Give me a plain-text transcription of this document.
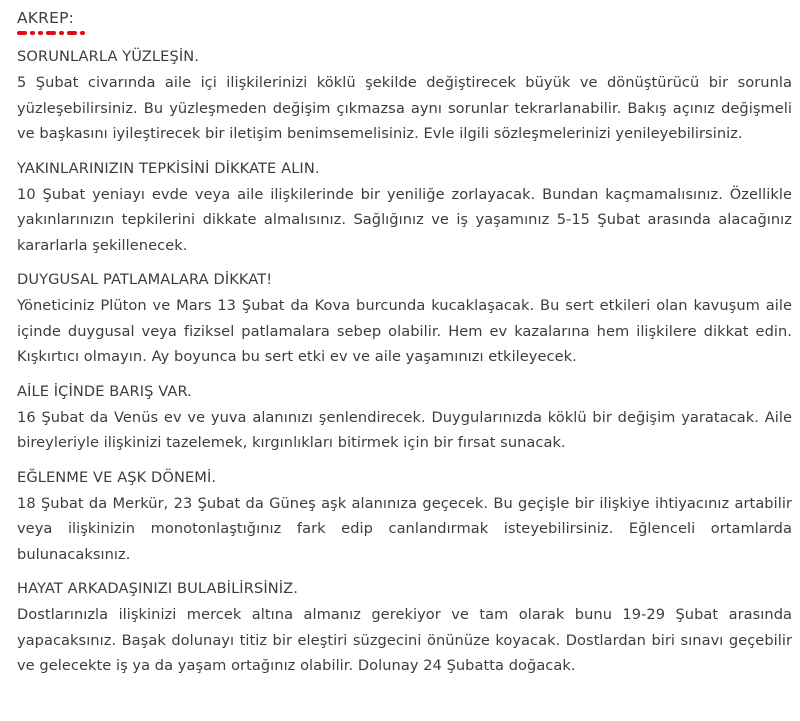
AKREP:
SORUNLARLA YÜZLEŞİN.
5 Şubat civarında aile içi ilişkilerinizi köklü şekilde değiştirecek büyük ve dönüştürücü bir sorunla yüzleşebilirsiniz. Bu yüzleşmeden değişim çıkmazsa aynı sorunlar tekrarlanabilir. Bakış açınız değişmeli ve başkasını iyileştirecek bir iletişim benimsemelisiniz. Evle ilgili sözleşmelerinizi yenileyebilirsiniz.
YAKINLARINIZIN TEPKİSİNİ DİKKATE ALIN.
10 Şubat yeniayı evde veya aile ilişkilerinde bir yeniliğe zorlayacak. Bundan kaçmamalısınız. Özellikle yakınlarınızın tepkilerini dikkate almalısınız. Sağlığınız ve iş yaşamınız 5-15 Şubat arasında alacağınız kararlarla şekillenecek.
DUYGUSAL PATLAMALARA DİKKAT!
Yöneticiniz Plüton ve Mars 13 Şubat da Kova burcunda kucaklaşacak. Bu sert etkileri olan kavuşum aile içinde duygusal veya fiziksel patlamalara sebep olabilir. Hem ev kazalarına hem ilişkilere dikkat edin. Kışkırtıcı olmayın. Ay boyunca bu sert etki ev ve aile yaşamınızı etkileyecek.
AİLE İÇİNDE BARIŞ VAR.
16 Şubat da Venüs ev ve yuva alanınızı şenlendirecek. Duygularınızda köklü bir değişim yaratacak. Aile bireyleriyle ilişkinizi tazelemek, kırgınlıkları bitirmek için bir fırsat sunacak.
EĞLENME VE AŞK DÖNEMİ.
18 Şubat da Merkür, 23 Şubat da Güneş aşk alanınıza geçecek. Bu geçişle bir ilişkiye ihtiyacınız artabilir veya ilişkinizin monotonlaştığınız fark edip canlandırmak isteyebilirsiniz. Eğlenceli ortamlarda bulunacaksınız.
HAYAT ARKADAŞINIZI BULABİLİRSİNİZ.
Dostlarınızla ilişkinizi mercek altına almanız gerekiyor ve tam olarak bunu 19-29 Şubat arasında yapacaksınız. Başak dolunayı titiz bir eleştiri süzgecini önünüze koyacak. Dostlardan biri sınavı geçebilir ve gelecekte iş ya da yaşam ortağınız olabilir. Dolunay 24 Şubatta doğacak.
